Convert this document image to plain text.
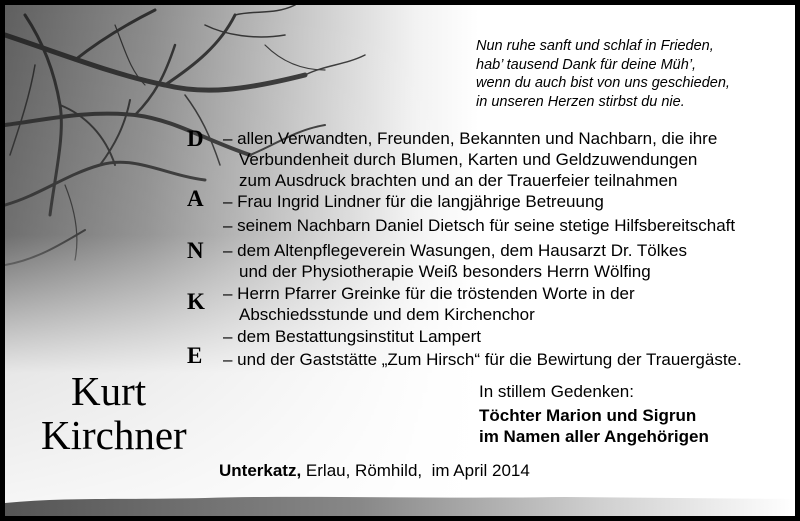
Nun ruhe sanft und schlaf in Frieden,
hab’ tausend Dank für deine Müh’,
wenn du auch bist von uns geschieden,
in unseren Herzen stirbst du nie.
D
A
N
K
E
– allen Verwandten, Freunden, Bekannten und Nachbarn, die ihre
Verbundenheit durch Blumen, Karten und Geldzuwendungen
zum Ausdruck brachten und an der Trauerfeier teilnahmen
– Frau Ingrid Lindner für die langjährige Betreuung
– seinem Nachbarn Daniel Dietsch für seine stetige Hilfsbereitschaft
– dem Altenpflegeverein Wasungen, dem Hausarzt Dr. Tölkes
und der Physiotherapie Weiß besonders Herrn Wölfing
– Herrn Pfarrer Greinke für die tröstenden Worte in der
Abschiedsstunde und dem Kirchenchor
– dem Bestattungsinstitut Lampert
– und der Gaststätte „Zum Hirsch“ für die Bewirtung der Trauergäste.
Kurt
Kirchner
In stillem Gedenken:
Töchter Marion und Sigrun
im Namen aller Angehörigen
Unterkatz, Erlau, Römhild,  im April 2014
